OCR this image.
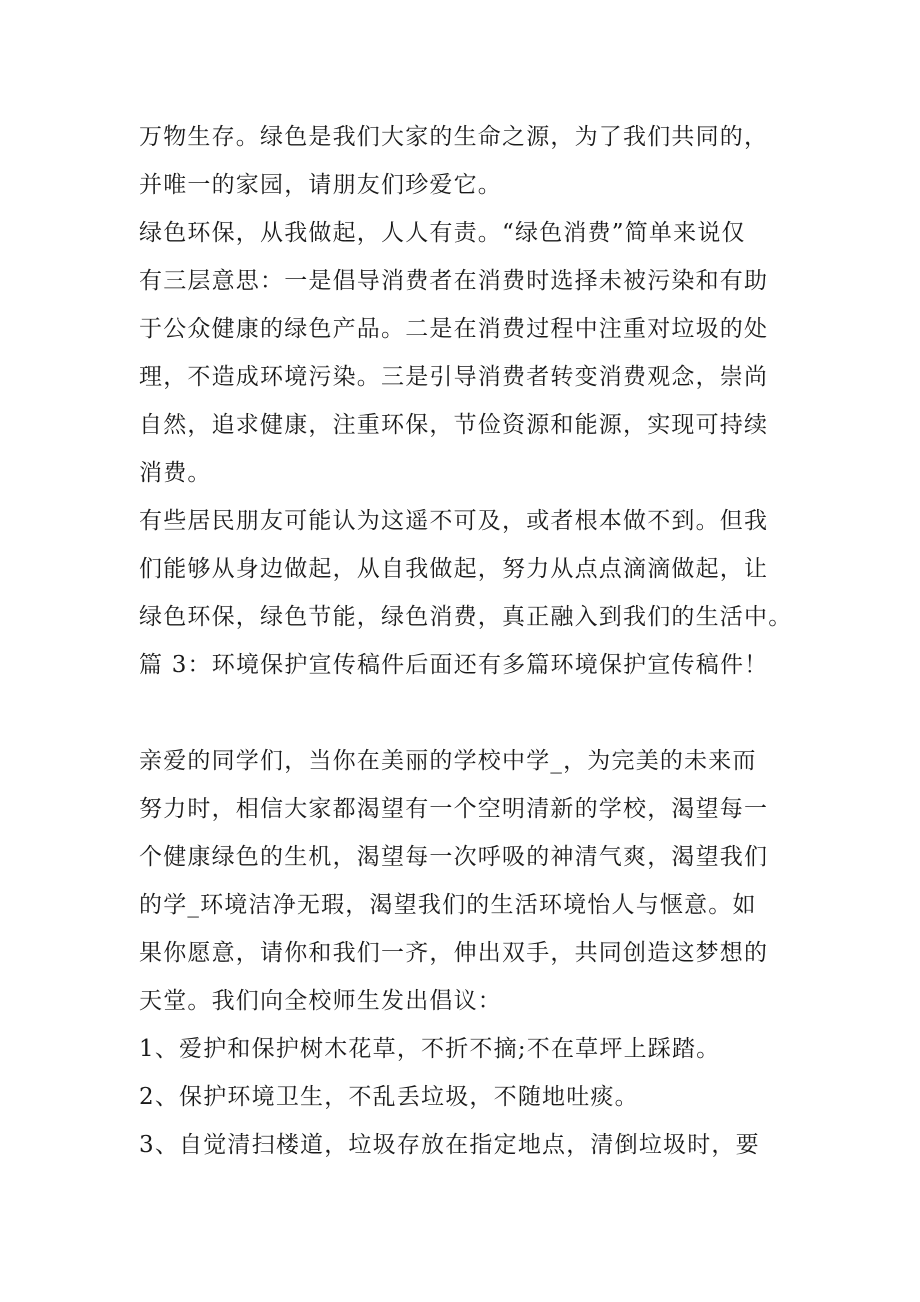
万物生存。绿色是我们大家的生命之源，为了我们共同的，
并唯一的家园，请朋友们珍爱它。
绿色环保，从我做起，人人有责。“绿色消费”简单来说仅
有三层意思：一是倡导消费者在消费时选择未被污染和有助
于公众健康的绿色产品。二是在消费过程中注重对垃圾的处
理，不造成环境污染。三是引导消费者转变消费观念，崇尚
自然，追求健康，注重环保，节俭资源和能源，实现可持续
消费。
有些居民朋友可能认为这遥不可及，或者根本做不到。但我
们能够从身边做起，从自我做起，努力从点点滴滴做起，让
绿色环保，绿色节能，绿色消费，真正融入到我们的生活中。
篇 3：环境保护宣传稿件后面还有多篇环境保护宣传稿件！
亲爱的同学们，当你在美丽的学校中学_，为完美的未来而
努力时，相信大家都渴望有一个空明清新的学校，渴望每一
个健康绿色的生机，渴望每一次呼吸的神清气爽，渴望我们
的学_环境洁净无瑕，渴望我们的生活环境怡人与惬意。如
果你愿意，请你和我们一齐，伸出双手，共同创造这梦想的
天堂。我们向全校师生发出倡议：
1、爱护和保护树木花草，不折不摘;不在草坪上踩踏。
2、保护环境卫生，不乱丢垃圾，不随地吐痰。
3、自觉清扫楼道，垃圾存放在指定地点，清倒垃圾时，要
